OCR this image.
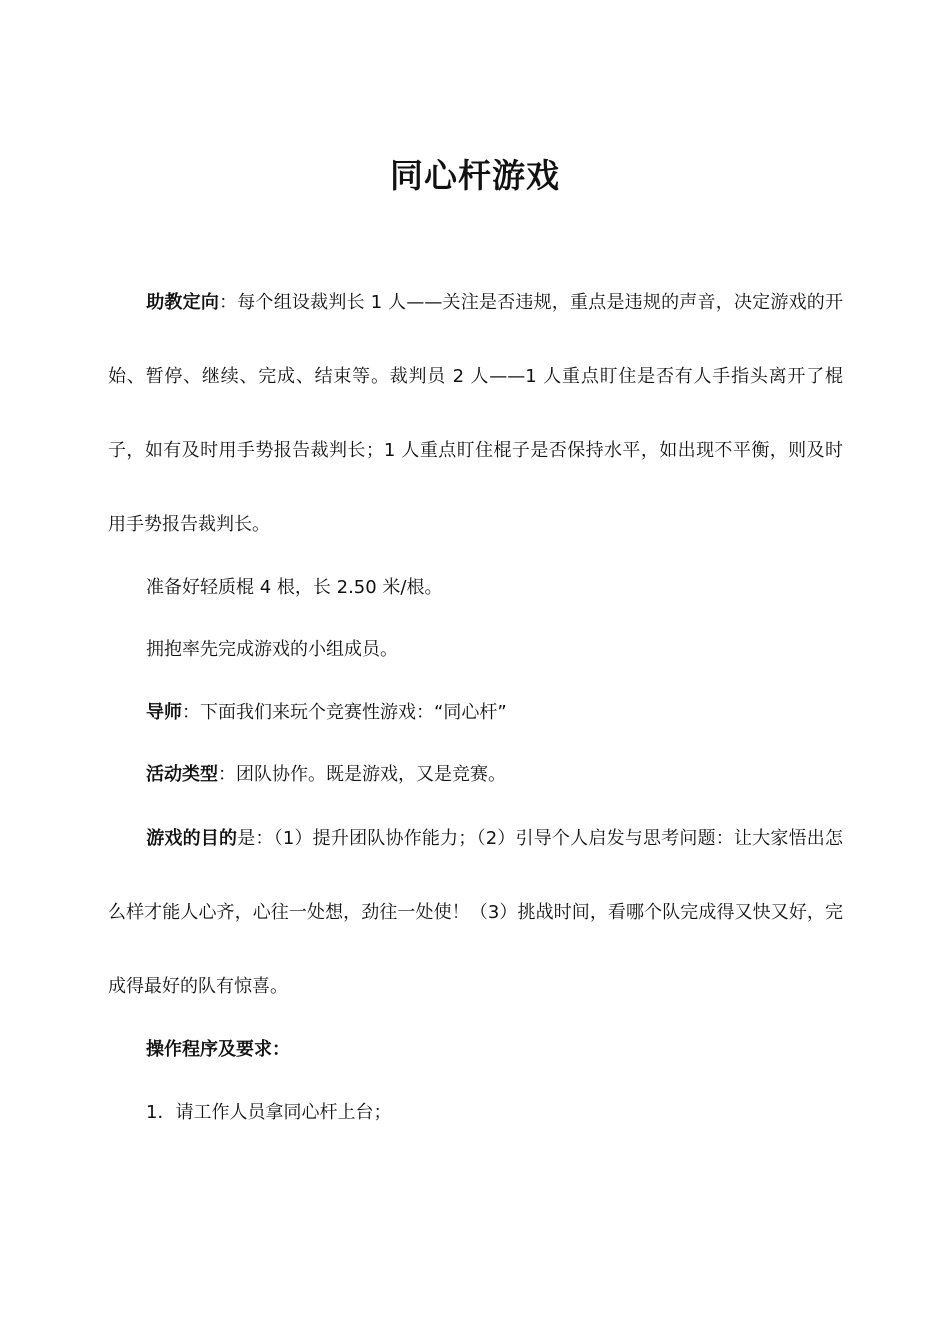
同心杆游戏
助教定向：每个组设裁判长 1 人——关注是否违规，重点是违规的声音，决定游戏的开始、暂停、继续、完成、结束等。裁判员 2 人——1 人重点盯住是否有人手指头离开了棍子，如有及时用手势报告裁判长；1 人重点盯住棍子是否保持水平，如出现不平衡，则及时用手势报告裁判长。
准备好轻质棍 4 根，长 2.50 米/根。
拥抱率先完成游戏的小组成员。
导师：下面我们来玩个竞赛性游戏：“同心杆”
活动类型：团队协作。既是游戏，又是竞赛。
游戏的目的是：（1）提升团队协作能力；（2）引导个人启发与思考问题：让大家悟出怎么样才能人心齐，心往一处想，劲往一处使！（3）挑战时间，看哪个队完成得又快又好，完成得最好的队有惊喜。
操作程序及要求：
1．请工作人员拿同心杆上台；
